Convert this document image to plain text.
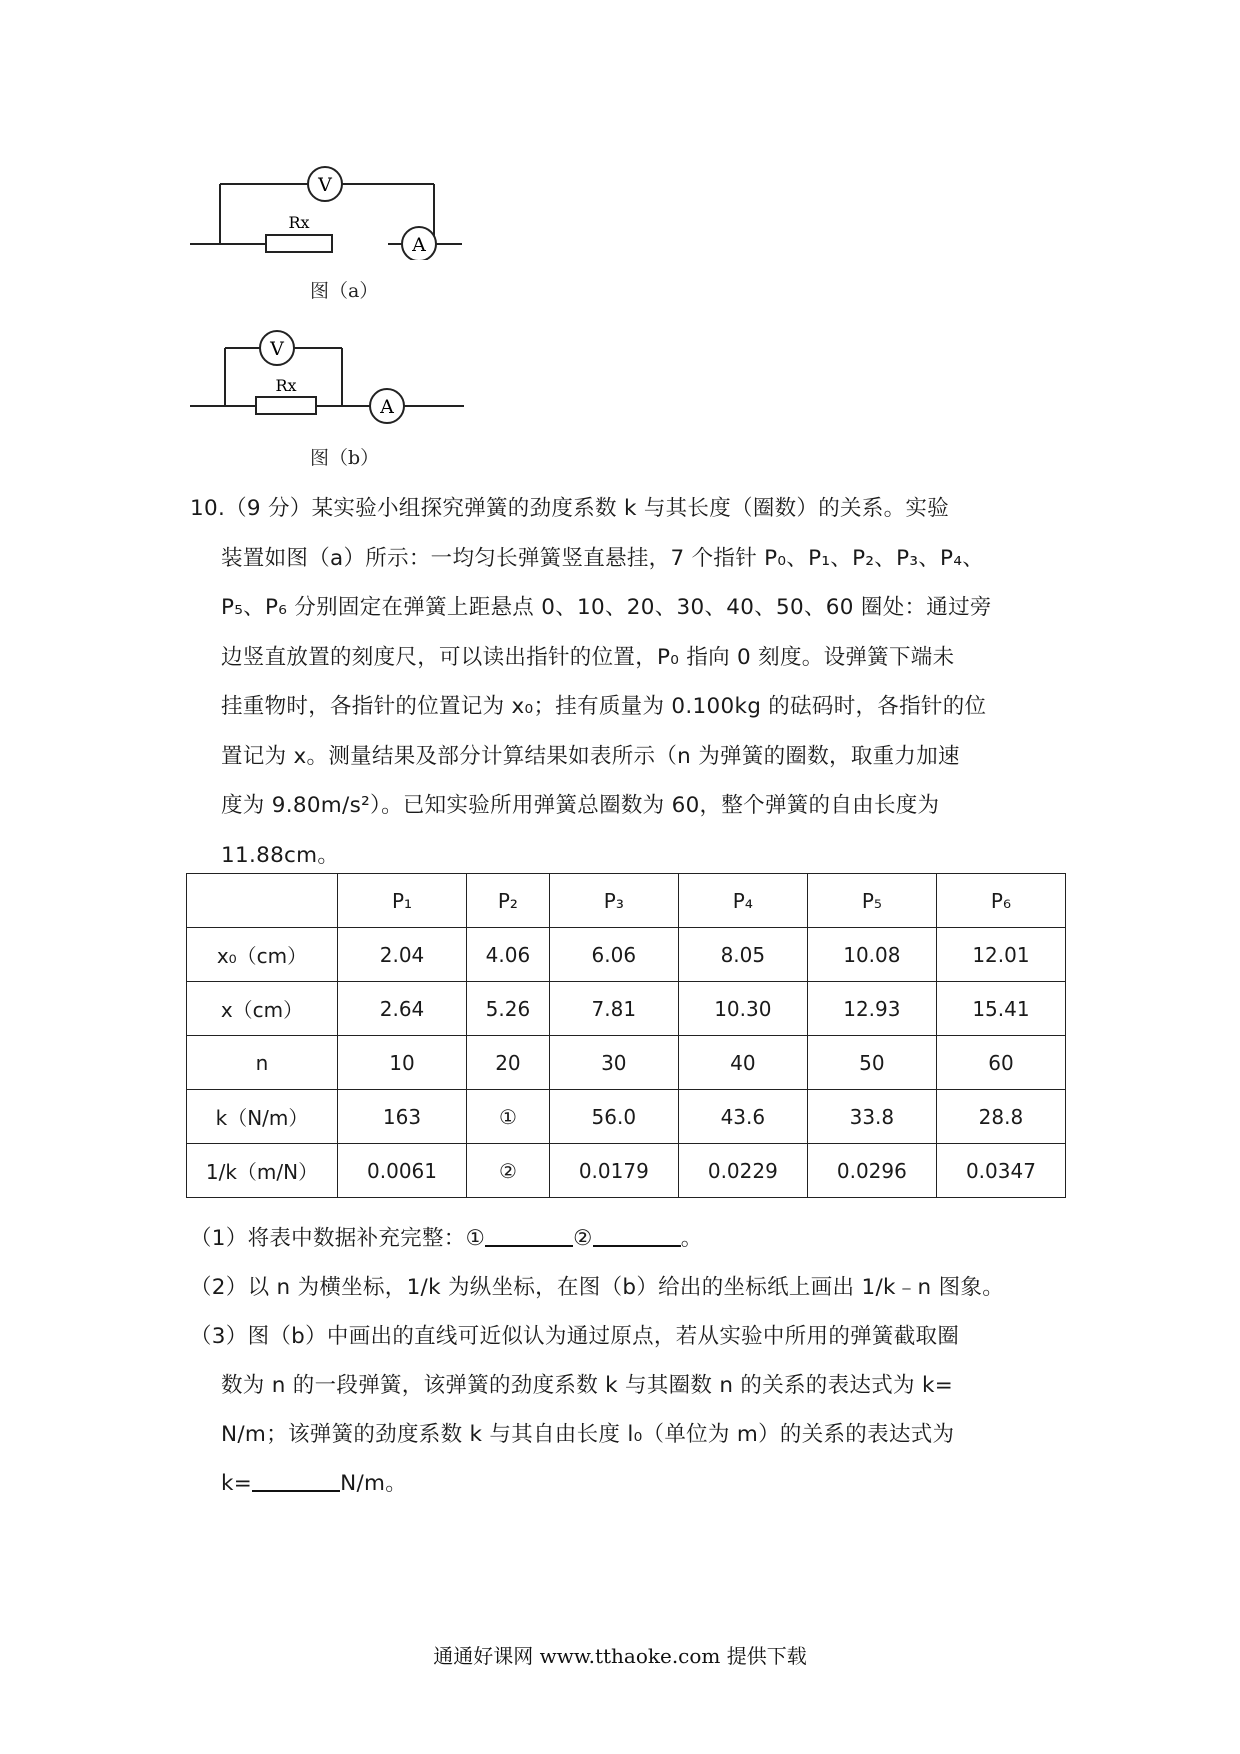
V
A
Rx
图（a）
V
A
Rx
图（b）

10.（9 分）某实验小组探究弹簧的劲度系数 k 与其长度（圈数）的关系。实验

装置如图（a）所示：一均匀长弹簧竖直悬挂，7 个指针 P₀、P₁、P₂、P₃、P₄、

P₅、P₆ 分别固定在弹簧上距悬点 0、10、20、30、40、50、60 圈处：通过旁

边竖直放置的刻度尺，可以读出指针的位置，P₀ 指向 0 刻度。设弹簧下端未

挂重物时，各指针的位置记为 x₀；挂有质量为 0.100kg 的砝码时，各指针的位

置记为 x。测量结果及部分计算结果如表所示（n 为弹簧的圈数，取重力加速

度为 9.80m/s²）。已知实验所用弹簧总圈数为 60，整个弹簧的自由长度为

11.88cm。

	P₁	P₂	P₃	P₄	P₅	P₆
x₀（cm）	2.04	4.06	6.06	8.05	10.08	12.01
x（cm）	2.64	5.26	7.81	10.30	12.93	15.41
n	10	20	30	40	50	60
k（N/m）	163	①	56.0	43.6	33.8	28.8
1/k（m/N）	0.0061	②	0.0179	0.0229	0.0296	0.0347

（1）将表中数据补充完整：①	②	。

（2）以 n 为横坐标，1/k 为纵坐标，在图（b）给出的坐标纸上画出 1/k﹣n 图象。

（3）图（b）中画出的直线可近似认为通过原点，若从实验中所用的弹簧截取圈

数为 n 的一段弹簧，该弹簧的劲度系数 k 与其圈数 n 的关系的表达式为 k=

N/m；该弹簧的劲度系数 k 与其自由长度 l₀（单位为 m）的关系的表达式为

k=	N/m。

通通好课网 www.tthaoke.com 提供下载
